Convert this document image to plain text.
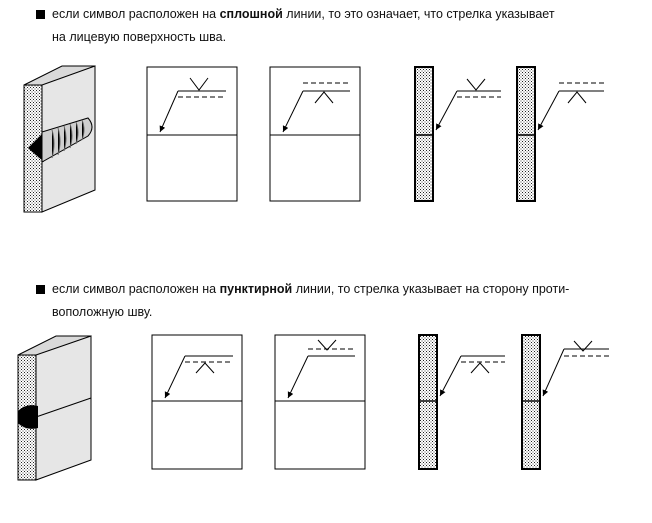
если символ расположен на сплошной линии, то это означает, что стрелка указывает
на лицевую поверхность шва.
если символ расположен на пунктирной линии, то стрелка указывает на сторону проти-
воположную шву.
